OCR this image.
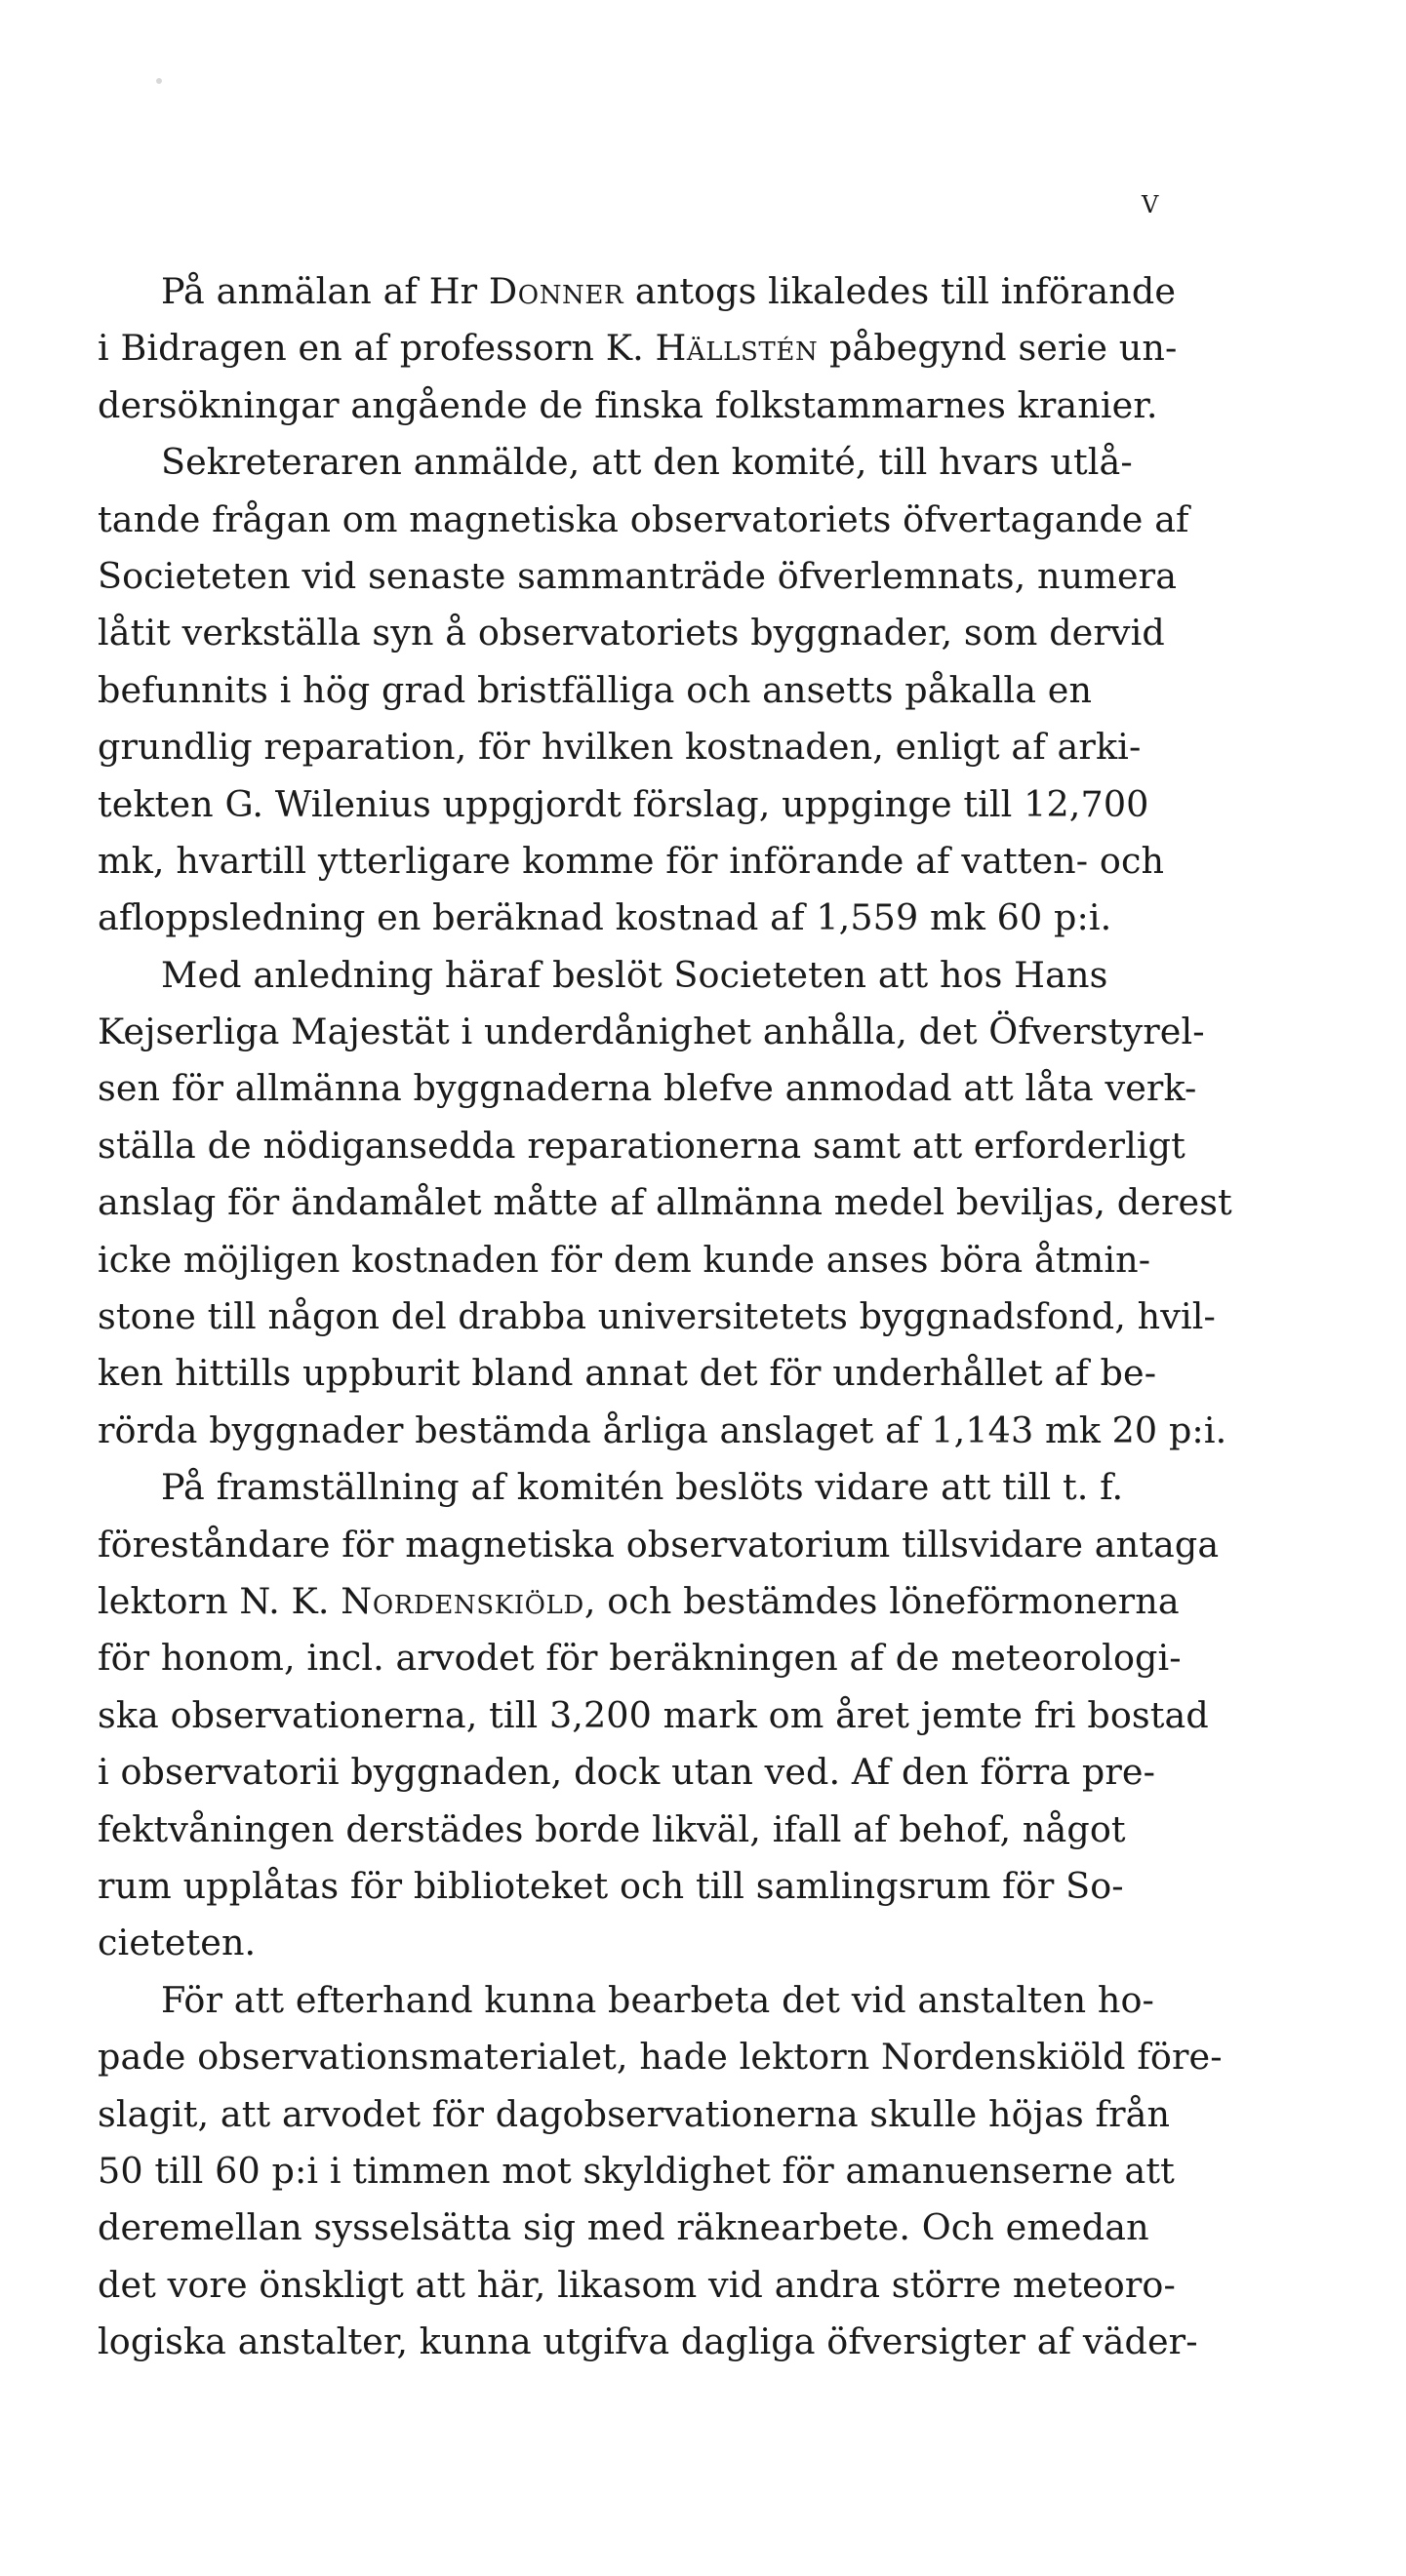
V
På anmälan af Hr Donner antogs likaledes till införande
i Bidragen en af professorn K. Hällstén påbegynd serie un-
dersökningar angående de finska folkstammarnes kranier.
Sekreteraren anmälde, att den komité, till hvars utlå-
tande frågan om magnetiska observatoriets öfvertagande af
Societeten vid senaste sammanträde öfverlemnats, numera
låtit verkställa syn å observatoriets byggnader, som dervid
befunnits i hög grad bristfälliga och ansetts påkalla en
grundlig reparation, för hvilken kostnaden, enligt af arki-
tekten G. Wilenius uppgjordt förslag, uppginge till 12,700
mk, hvartill ytterligare komme för införande af vatten- och
afloppsledning en beräknad kostnad af 1,559 mk 60 p:i.
Med anledning häraf beslöt Societeten att hos Hans
Kejserliga Majestät i underdånighet anhålla, det Öfverstyrel-
sen för allmänna byggnaderna blefve anmodad att låta verk-
ställa de nödigansedda reparationerna samt att erforderligt
anslag för ändamålet måtte af allmänna medel beviljas, derest
icke möjligen kostnaden för dem kunde anses böra åtmin-
stone till någon del drabba universitetets byggnadsfond, hvil-
ken hittills uppburit bland annat det för underhållet af be-
rörda byggnader bestämda årliga anslaget af 1,143 mk 20 p:i.
På framställning af komitén beslöts vidare att till t. f.
föreståndare för magnetiska observatorium tillsvidare antaga
lektorn N. K. Nordenskiöld, och bestämdes löneförmonerna
för honom, incl. arvodet för beräkningen af de meteorologi-
ska observationerna, till 3,200 mark om året jemte fri bostad
i observatorii byggnaden, dock utan ved. Af den förra pre-
fektvåningen derstädes borde likväl, ifall af behof, något
rum upplåtas för biblioteket och till samlingsrum för So-
cieteten.
För att efterhand kunna bearbeta det vid anstalten ho-
pade observationsmaterialet, hade lektorn Nordenskiöld före-
slagit, att arvodet för dagobservationerna skulle höjas från
50 till 60 p:i i timmen mot skyldighet för amanuenserne att
deremellan sysselsätta sig med räknearbete. Och emedan
det vore önskligt att här, likasom vid andra större meteoro-
logiska anstalter, kunna utgifva dagliga öfversigter af väder-
